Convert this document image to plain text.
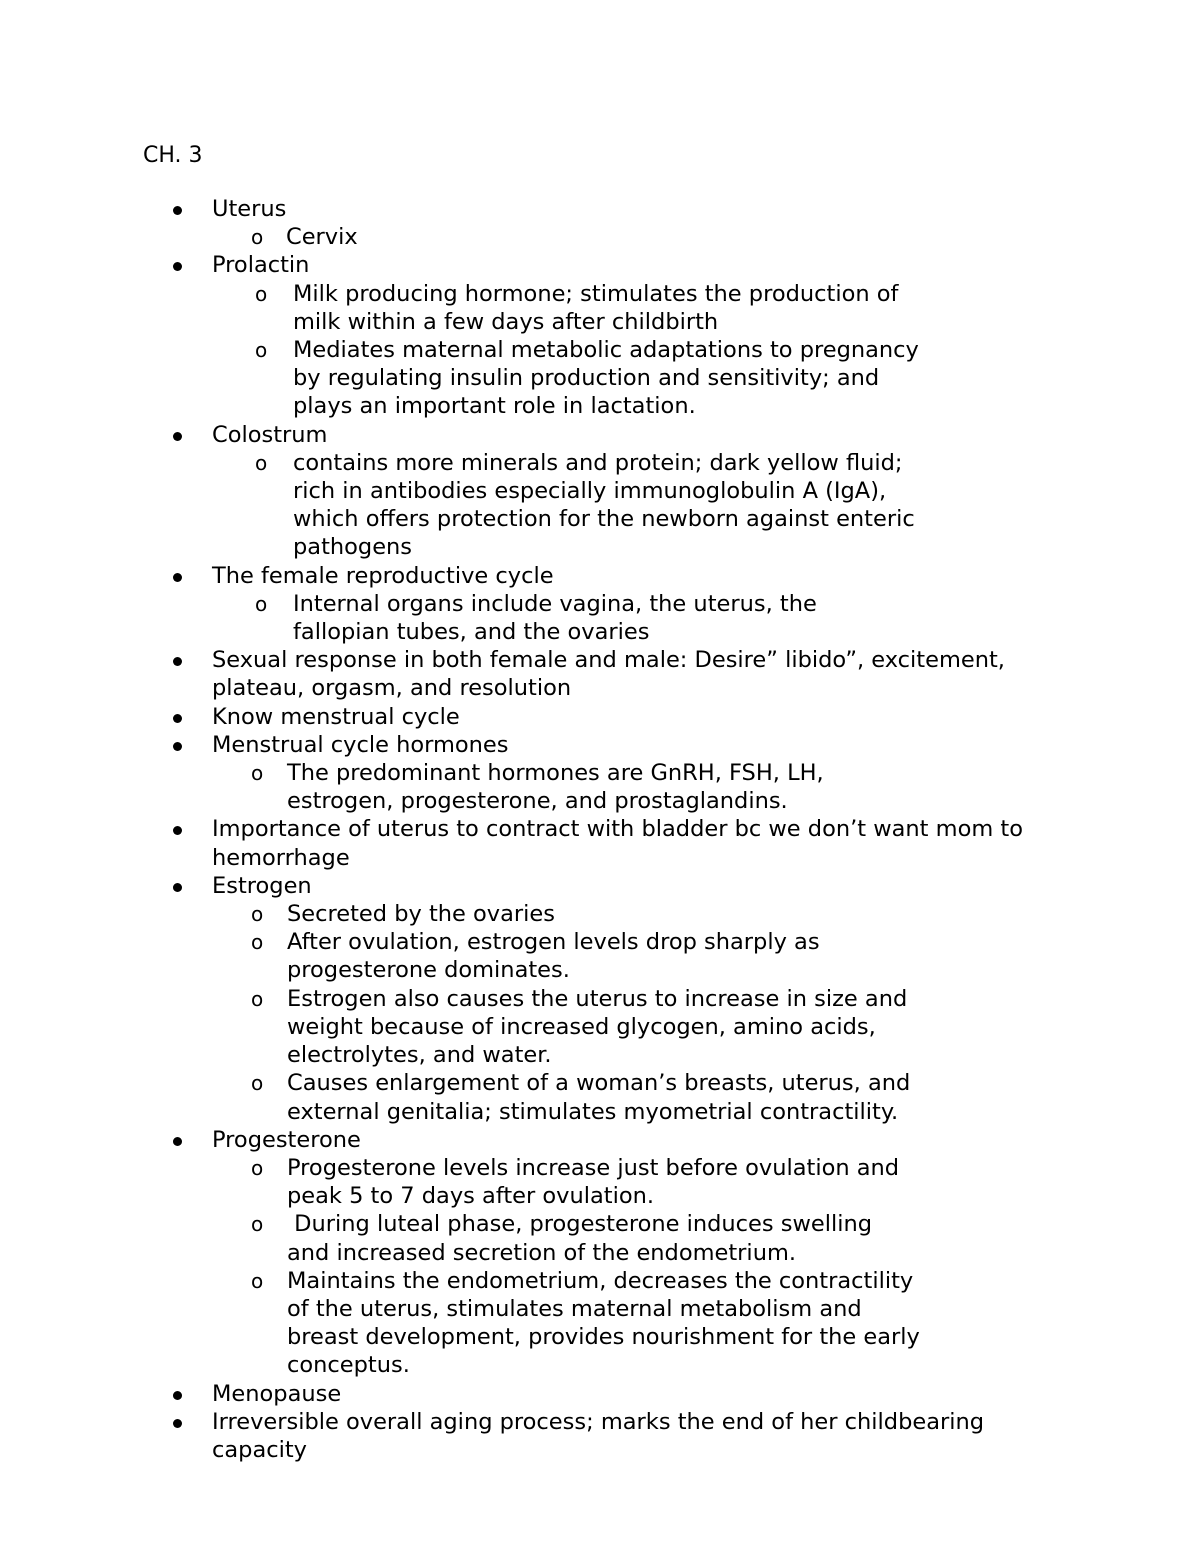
CH. 3
Uterus
o Cervix
Prolactin
o Milk producing hormone; stimulates the production of milk within a few days after childbirth
o Mediates maternal metabolic adaptations to pregnancy by regulating insulin production and sensitivity; and plays an important role in lactation.
Colostrum
o contains more minerals and protein; dark yellow fluid; rich in antibodies especially immunoglobulin A (IgA), which offers protection for the newborn against enteric pathogens
The female reproductive cycle
o Internal organs include vagina, the uterus, the fallopian tubes, and the ovaries
Sexual response in both female and male: Desire” libido”, excitement, plateau, orgasm, and resolution
Know menstrual cycle
Menstrual cycle hormones
o The predominant hormones are GnRH, FSH, LH, estrogen, progesterone, and prostaglandins.
Importance of uterus to contract with bladder bc we don’t want mom to hemorrhage
Estrogen
o Secreted by the ovaries
o After ovulation, estrogen levels drop sharply as progesterone dominates.
o Estrogen also causes the uterus to increase in size and weight because of increased glycogen, amino acids, electrolytes, and water.
o Causes enlargement of a woman’s breasts, uterus, and external genitalia; stimulates myometrial contractility.
Progesterone
o Progesterone levels increase just before ovulation and peak 5 to 7 days after ovulation.
o During luteal phase, progesterone induces swelling and increased secretion of the endometrium.
o Maintains the endometrium, decreases the contractility of the uterus, stimulates maternal metabolism and breast development, provides nourishment for the early conceptus.
Menopause
Irreversible overall aging process; marks the end of her childbearing capacity
